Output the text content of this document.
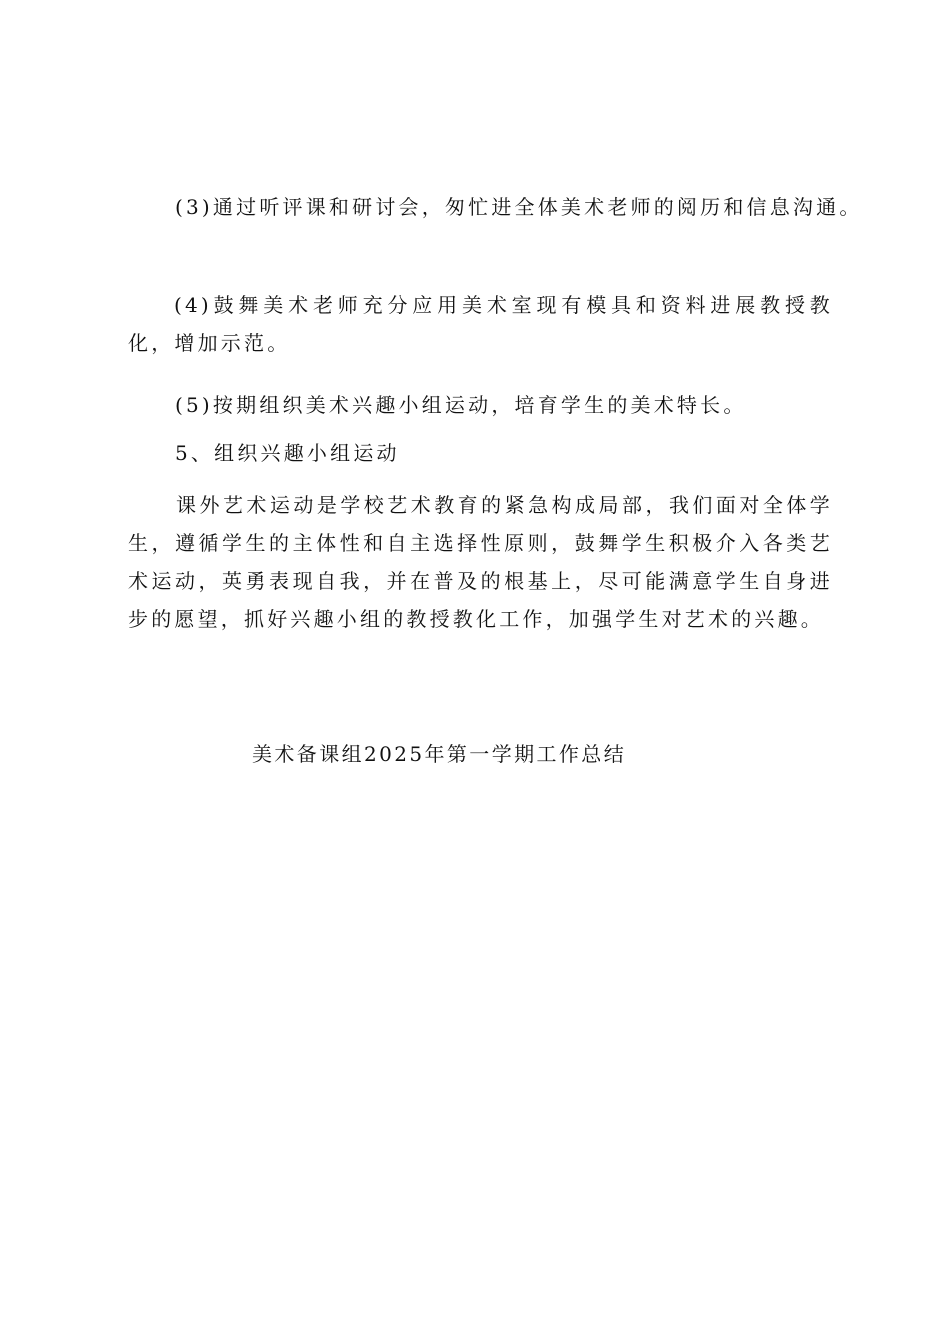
(3)通过听评课和研讨会，匆忙进全体美术老师的阅历和信息沟通。
(4)鼓舞美术老师充分应用美术室现有模具和资料进展教授教化，增加示范。
(5)按期组织美术兴趣小组运动，培育学生的美术特长。
5、组织兴趣小组运动
课外艺术运动是学校艺术教育的紧急构成局部，我们面对全体学生，遵循学生的主体性和自主选择性原则，鼓舞学生积极介入各类艺术运动，英勇表现自我，并在普及的根基上，尽可能满意学生自身进步的愿望，抓好兴趣小组的教授教化工作，加强学生对艺术的兴趣。
美术备课组2025年第一学期工作总结
